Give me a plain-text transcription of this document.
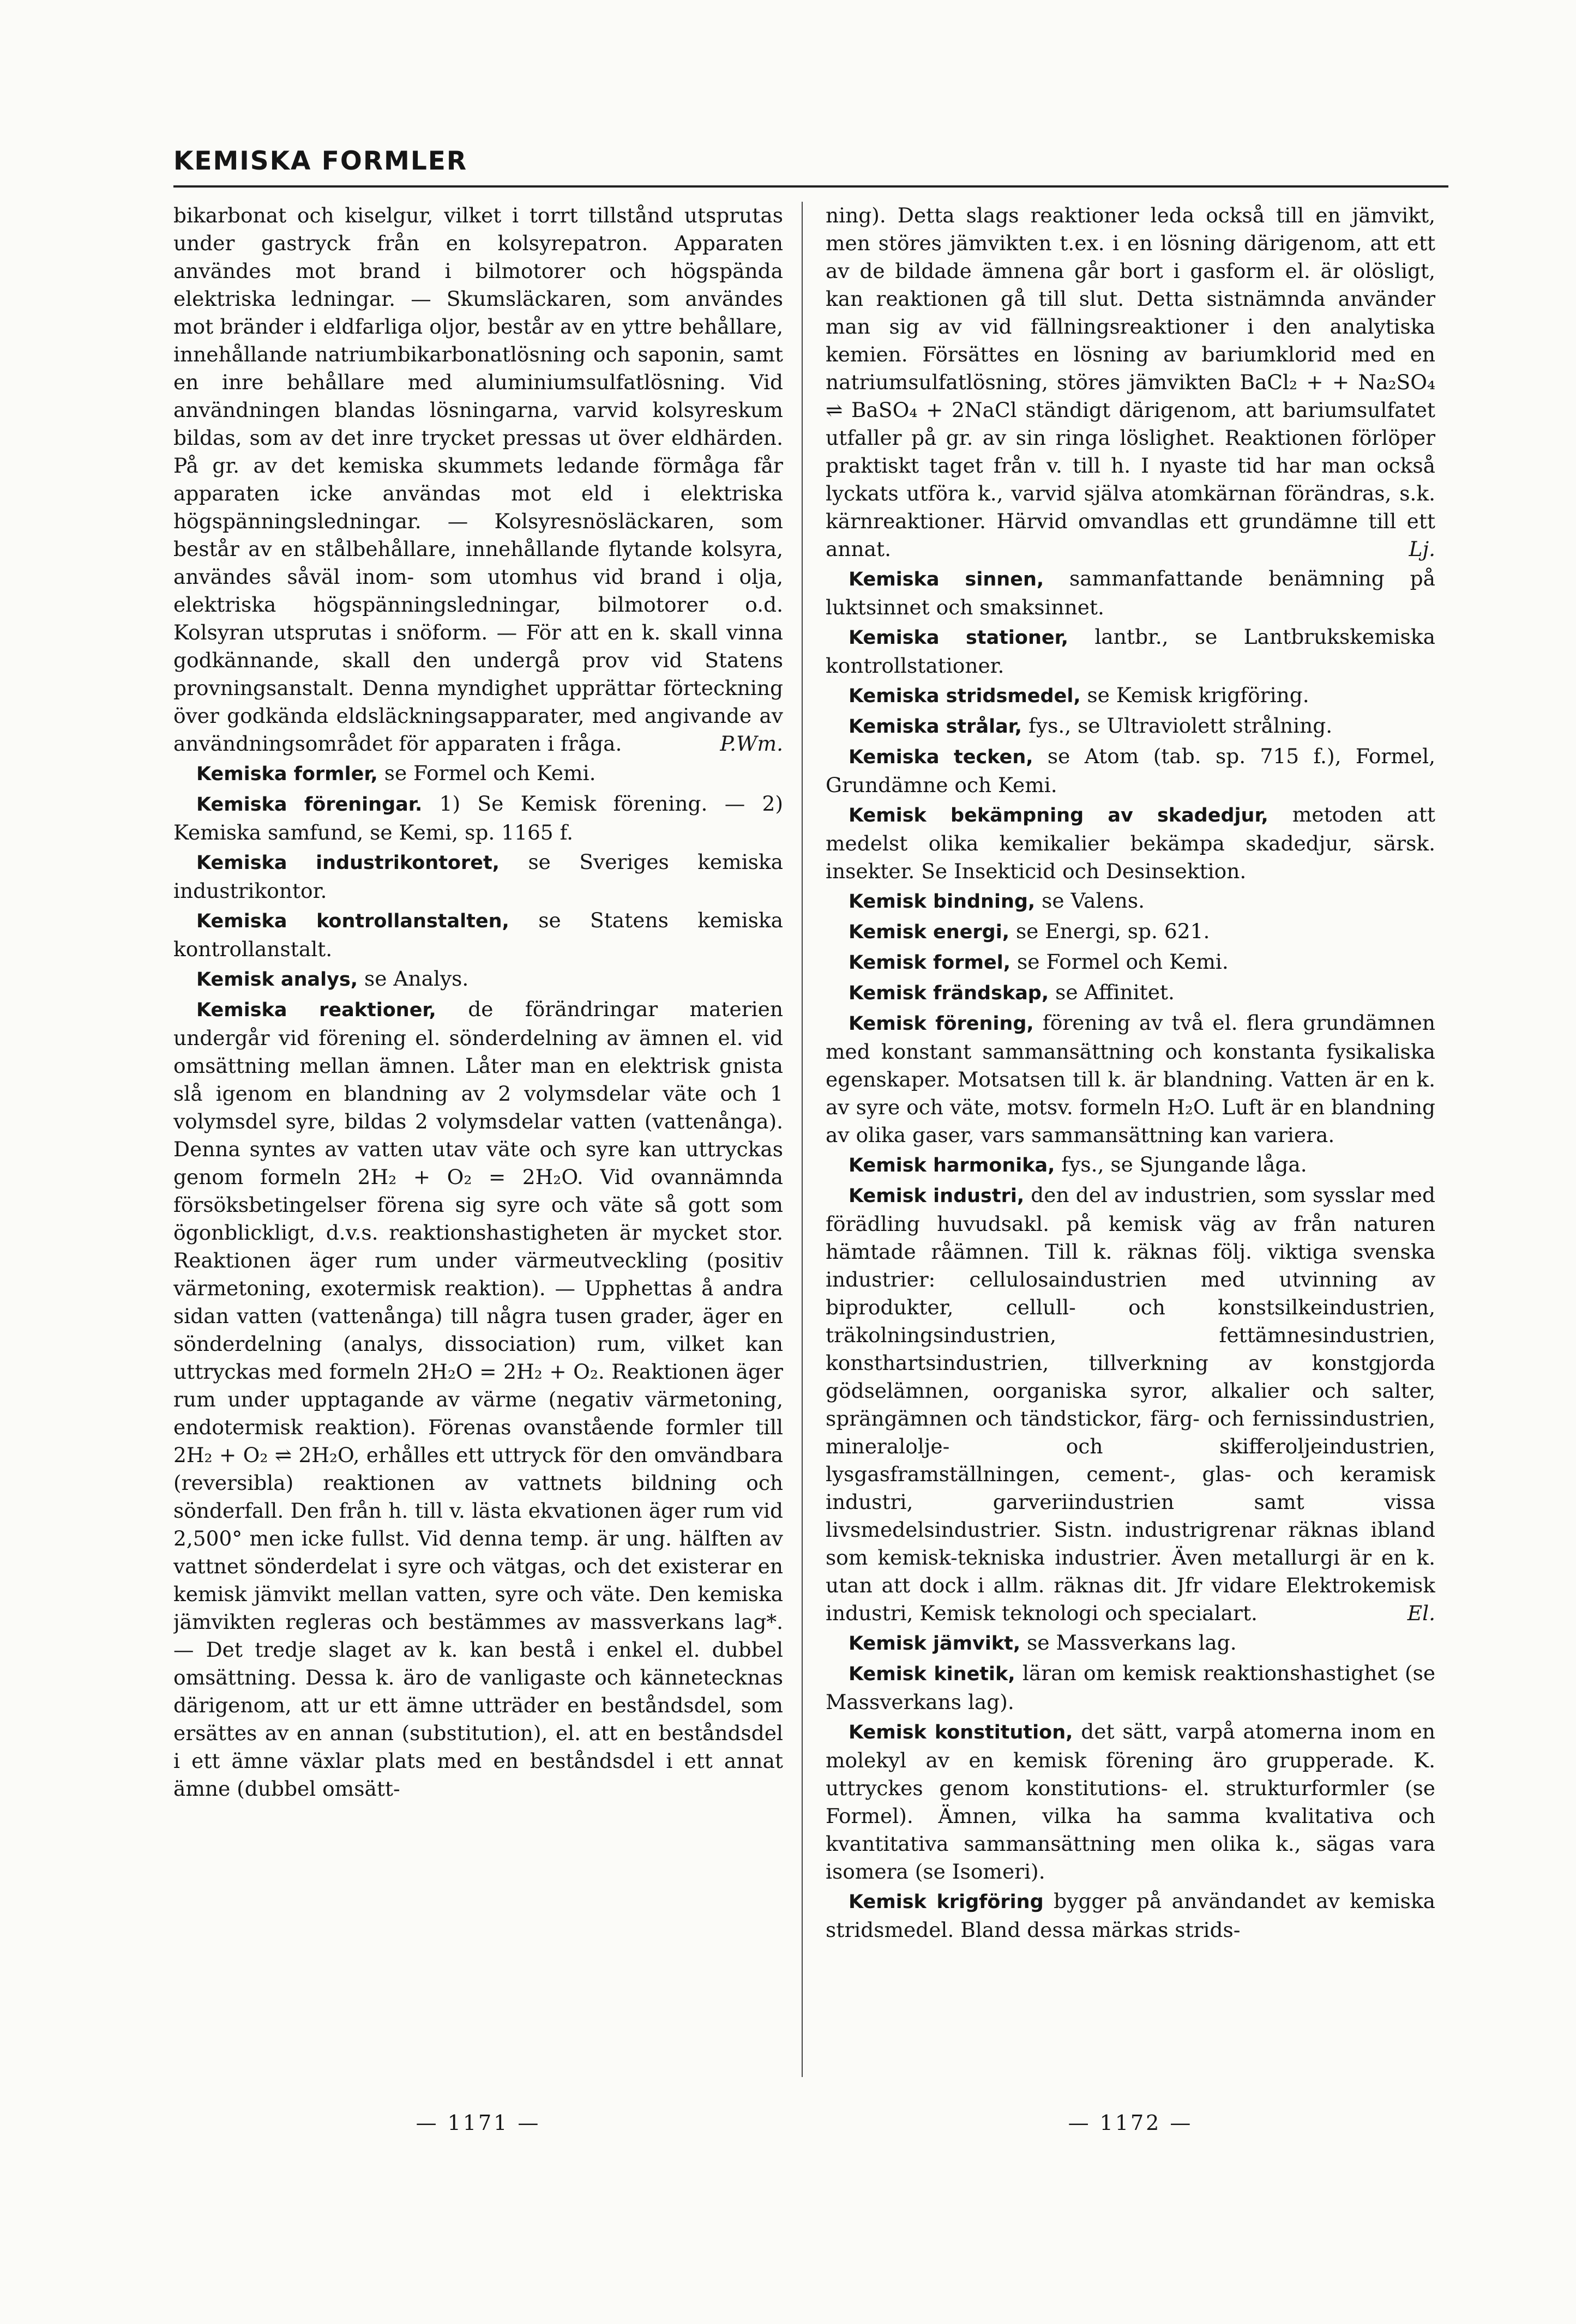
KEMISKA FORMLER

bikarbonat och kiselgur, vilket i torrt tillstånd utsprutas under gastryck från en kolsyrepatron. Apparaten användes mot brand i bilmotorer och högspända elektriska ledningar. — Skumsläckaren, som användes mot bränder i eldfarliga oljor, består av en yttre behållare, innehållande natriumbikarbonatlösning och saponin, samt en inre behållare med aluminiumsulfatlösning. Vid användningen blandas lösningarna, varvid kolsyreskum bildas, som av det inre trycket pressas ut över eldhärden. På gr. av det kemiska skummets ledande förmåga får apparaten icke användas mot eld i elektriska högspänningsledningar. — Kolsyresnösläckaren, som består av en stålbehållare, innehållande flytande kolsyra, användes såväl inom- som utomhus vid brand i olja, elektriska högspänningsledningar, bilmotorer o.d. Kolsyran utsprutas i snöform. — För att en k. skall vinna godkännande, skall den undergå prov vid Statens provningsanstalt. Denna myndighet upprättar förteckning över godkända eldsläckningsapparater, med angivande av användningsområdet för apparaten i fråga.	P.Wm.

Kemiska formler, se Formel och Kemi.

Kemiska föreningar. 1) Se Kemisk förening. — 2) Kemiska samfund, se Kemi, sp. 1165 f.

Kemiska industrikontoret, se Sveriges kemiska industrikontor.

Kemiska kontrollanstalten, se Statens kemiska kontrollanstalt.

Kemisk analys, se Analys.

Kemiska reaktioner, de förändringar materien undergår vid förening el. sönderdelning av ämnen el. vid omsättning mellan ämnen. Låter man en elektrisk gnista slå igenom en blandning av 2 volymsdelar väte och 1 volymsdel syre, bildas 2 volymsdelar vatten (vattenånga). Denna syntes av vatten utav väte och syre kan uttryckas genom formeln 2H₂ + O₂ = 2H₂O. Vid ovannämnda försöksbetingelser förena sig syre och väte så gott som ögonblickligt, d.v.s. reaktionshastigheten är mycket stor. Reaktionen äger rum under värmeutveckling (positiv värmetoning, exotermisk reaktion). — Upphettas å andra sidan vatten (vattenånga) till några tusen grader, äger en sönderdelning (analys, dissociation) rum, vilket kan uttryckas med formeln 2H₂O = 2H₂ + O₂. Reaktionen äger rum under upptagande av värme (negativ värmetoning, endotermisk reaktion). Förenas ovanstående formler till 2H₂ + O₂ ⇌ 2H₂O, erhålles ett uttryck för den omvändbara (reversibla) reaktionen av vattnets bildning och sönderfall. Den från h. till v. lästa ekvationen äger rum vid 2,500° men icke fullst. Vid denna temp. är ung. hälften av vattnet sönderdelat i syre och vätgas, och det existerar en kemisk jämvikt mellan vatten, syre och väte. Den kemiska jämvikten regleras och bestämmes av massverkans lag*. — Det tredje slaget av k. kan bestå i enkel el. dubbel omsättning. Dessa k. äro de vanligaste och kännetecknas därigenom, att ur ett ämne utträder en beståndsdel, som ersättes av en annan (substitution), el. att en beståndsdel i ett ämne växlar plats med en beståndsdel i ett annat ämne (dubbel omsätt-

ning). Detta slags reaktioner leda också till en jämvikt, men störes jämvikten t.ex. i en lösning därigenom, att ett av de bildade ämnena går bort i gasform el. är olösligt, kan reaktionen gå till slut. Detta sistnämnda använder man sig av vid fällningsreaktioner i den analytiska kemien. Försättes en lösning av bariumklorid med en natriumsulfatlösning, störes jämvikten BaCl₂ + + Na₂SO₄ ⇌ BaSO₄ + 2NaCl ständigt därigenom, att bariumsulfatet utfaller på gr. av sin ringa löslighet. Reaktionen förlöper praktiskt taget från v. till h. I nyaste tid har man också lyckats utföra k., varvid själva atomkärnan förändras, s.k. kärnreaktioner. Härvid omvandlas ett grundämne till ett annat.	Lj.

Kemiska sinnen, sammanfattande benämning på luktsinnet och smaksinnet.

Kemiska stationer, lantbr., se Lantbrukskemiska kontrollstationer.

Kemiska stridsmedel, se Kemisk krigföring.

Kemiska strålar, fys., se Ultraviolett strålning.

Kemiska tecken, se Atom (tab. sp. 715 f.), Formel, Grundämne och Kemi.

Kemisk bekämpning av skadedjur, metoden att medelst olika kemikalier bekämpa skadedjur, särsk. insekter. Se Insekticid och Desinsektion.

Kemisk bindning, se Valens.

Kemisk energi, se Energi, sp. 621.

Kemisk formel, se Formel och Kemi.

Kemisk frändskap, se Affinitet.

Kemisk förening, förening av två el. flera grundämnen med konstant sammansättning och konstanta fysikaliska egenskaper. Motsatsen till k. är blandning. Vatten är en k. av syre och väte, motsv. formeln H₂O. Luft är en blandning av olika gaser, vars sammansättning kan variera.

Kemisk harmonika, fys., se Sjungande låga.

Kemisk industri, den del av industrien, som sysslar med förädling huvudsakl. på kemisk väg av från naturen hämtade råämnen. Till k. räknas följ. viktiga svenska industrier: cellulosaindustrien med utvinning av biprodukter, cellull- och konstsilkeindustrien, träkolningsindustrien, fettämnesindustrien, konsthartsindustrien, tillverkning av konstgjorda gödselämnen, oorganiska syror, alkalier och salter, sprängämnen och tändstickor, färg- och fernissindustrien, mineralolje- och skifferoljeindustrien, lysgasframställningen, cement-, glas- och keramisk industri, garveriindustrien samt vissa livsmedelsindustrier. Sistn. industrigrenar räknas ibland som kemisk-tekniska industrier. Även metallurgi är en k. utan att dock i allm. räknas dit. Jfr vidare Elektrokemisk industri, Kemisk teknologi och specialart.	El.

Kemisk jämvikt, se Massverkans lag.

Kemisk kinetik, läran om kemisk reaktionshastighet (se Massverkans lag).

Kemisk konstitution, det sätt, varpå atomerna inom en molekyl av en kemisk förening äro grupperade. K. uttryckes genom konstitutions- el. strukturformler (se Formel). Ämnen, vilka ha samma kvalitativa och kvantitativa sammansättning men olika k., sägas vara isomera (se Isomeri).

Kemisk krigföring bygger på användandet av kemiska stridsmedel. Bland dessa märkas strids-

— 1171 —	— 1172 —
